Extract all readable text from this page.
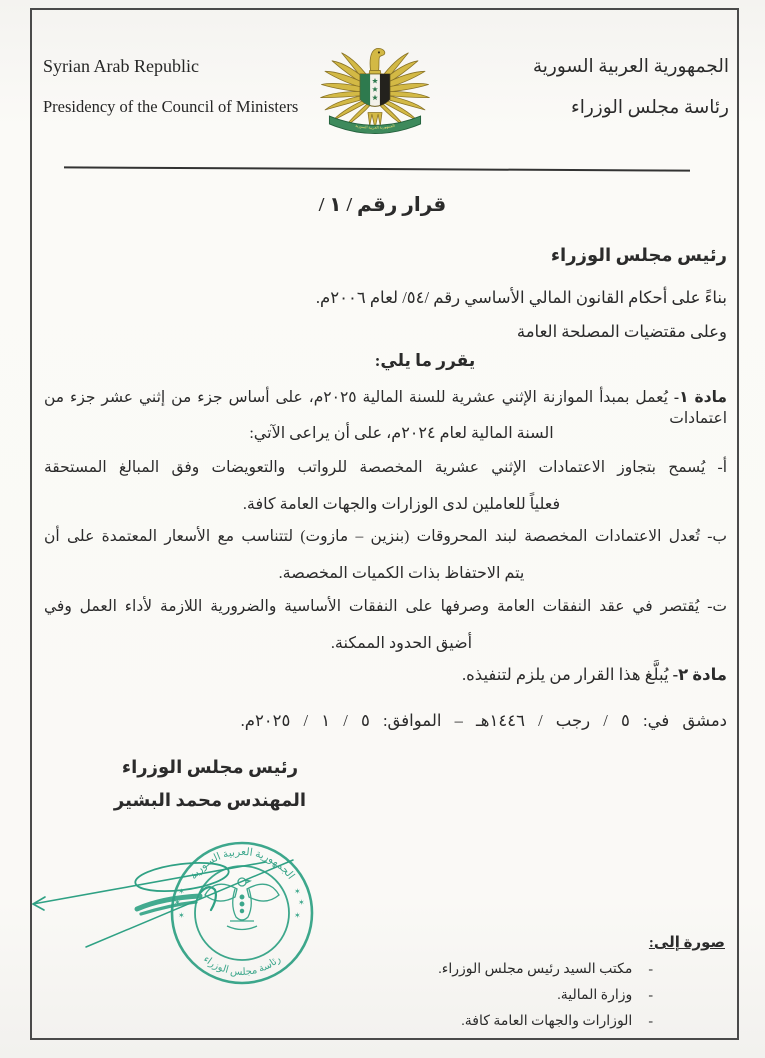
Syrian Arab Republic
Presidency of the Council of Ministers
الجمهورية العربية السورية
الجمهورية العربية السورية
رئاسة مجلس الوزراء
قرار رقم / ١ /
رئيس مجلس الوزراء
بناءً على أحكام القانون المالي الأساسي رقم /٥٤/ لعام ٢٠٠٦م.
وعلى مقتضيات المصلحة العامة
يقرر ما يلي:
مادة ١- يُعمل بمبدأ الموازنة الإثني عشرية للسنة المالية ٢٠٢٥م، على أساس جزء من إثني عشر جزء من اعتمادات
السنة المالية لعام ٢٠٢٤م، على أن يراعى الآتي:
أ- يُسمح بتجاوز الاعتمادات الإثني عشرية المخصصة للرواتب والتعويضات وفق المبالغ المستحقة
فعلياً للعاملين لدى الوزارات والجهات العامة كافة.
ب- تُعدل الاعتمادات المخصصة لبند المحروقات (بنزين – مازوت) لتتناسب مع الأسعار المعتمدة على أن
يتم الاحتفاظ بذات الكميات المخصصة.
ت- يُقتصر في عقد النفقات العامة وصرفها على النفقات الأساسية والضرورية اللازمة لأداء العمل وفي
أضيق الحدود الممكنة.
مادة ٢- يُبلَّغ هذا القرار من يلزم لتنفيذه.
دمشق في: ٥ / رجب / ١٤٤٦هـ – الموافق: ٥ / ١ / ٢٠٢٥م.
رئيس مجلس الوزراء
المهندس محمد البشير
الجمهورية العربية السورية
رئاسة مجلس الوزراء
✶
✶
✶
✶
✶
✶
صورة إلى:
-
مكتب السيد رئيس مجلس الوزراء.
-
وزارة المالية.
-
الوزارات والجهات العامة كافة.
